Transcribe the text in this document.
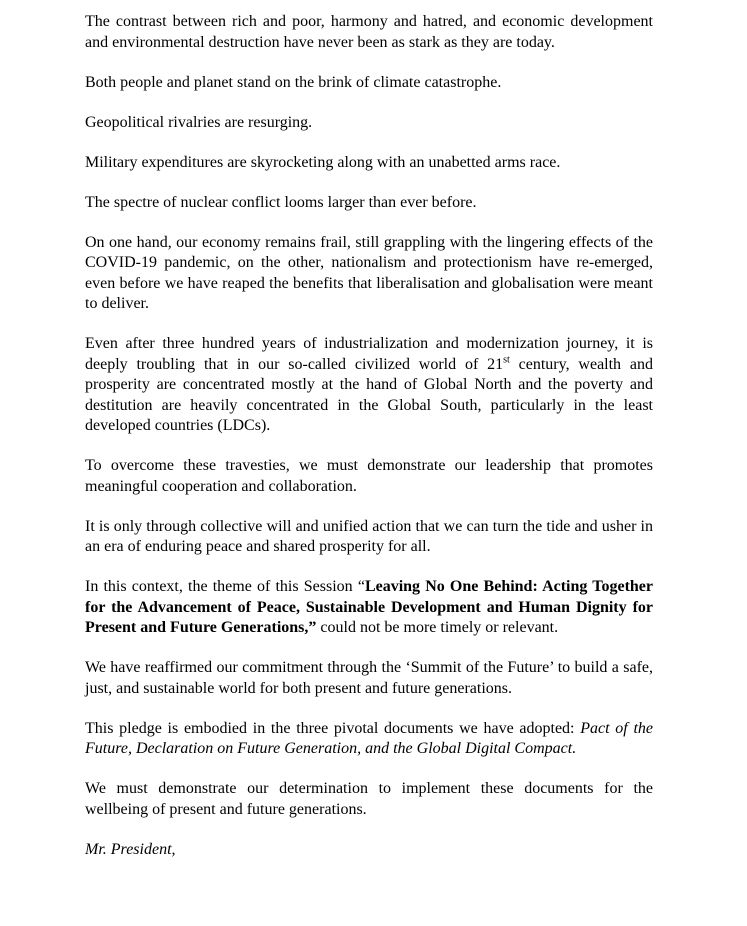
The contrast between rich and poor, harmony and hatred, and economic development and environmental destruction have never been as stark as they are today.

Both people and planet stand on the brink of climate catastrophe.

Geopolitical rivalries are resurging.

Military expenditures are skyrocketing along with an unabetted arms race.

The spectre of nuclear conflict looms larger than ever before.

On one hand, our economy remains frail, still grappling with the lingering effects of the COVID-19 pandemic, on the other, nationalism and protectionism have re-emerged, even before we have reaped the benefits that liberalisation and globalisation were meant to deliver.

Even after three hundred years of industrialization and modernization journey, it is deeply troubling that in our so-called civilized world of 21st century, wealth and prosperity are concentrated mostly at the hand of Global North and the poverty and destitution are heavily concentrated in the Global South, particularly in the least developed countries (LDCs).

To overcome these travesties, we must demonstrate our leadership that promotes meaningful cooperation and collaboration.

It is only through collective will and unified action that we can turn the tide and usher in an era of enduring peace and shared prosperity for all.

In this context, the theme of this Session “Leaving No One Behind: Acting Together for the Advancement of Peace, Sustainable Development and Human Dignity for Present and Future Generations,” could not be more timely or relevant.

We have reaffirmed our commitment through the ‘Summit of the Future’ to build a safe, just, and sustainable world for both present and future generations.

This pledge is embodied in the three pivotal documents we have adopted: Pact of the Future, Declaration on Future Generation, and the Global Digital Compact.

We must demonstrate our determination to implement these documents for the wellbeing of present and future generations.

Mr. President,
